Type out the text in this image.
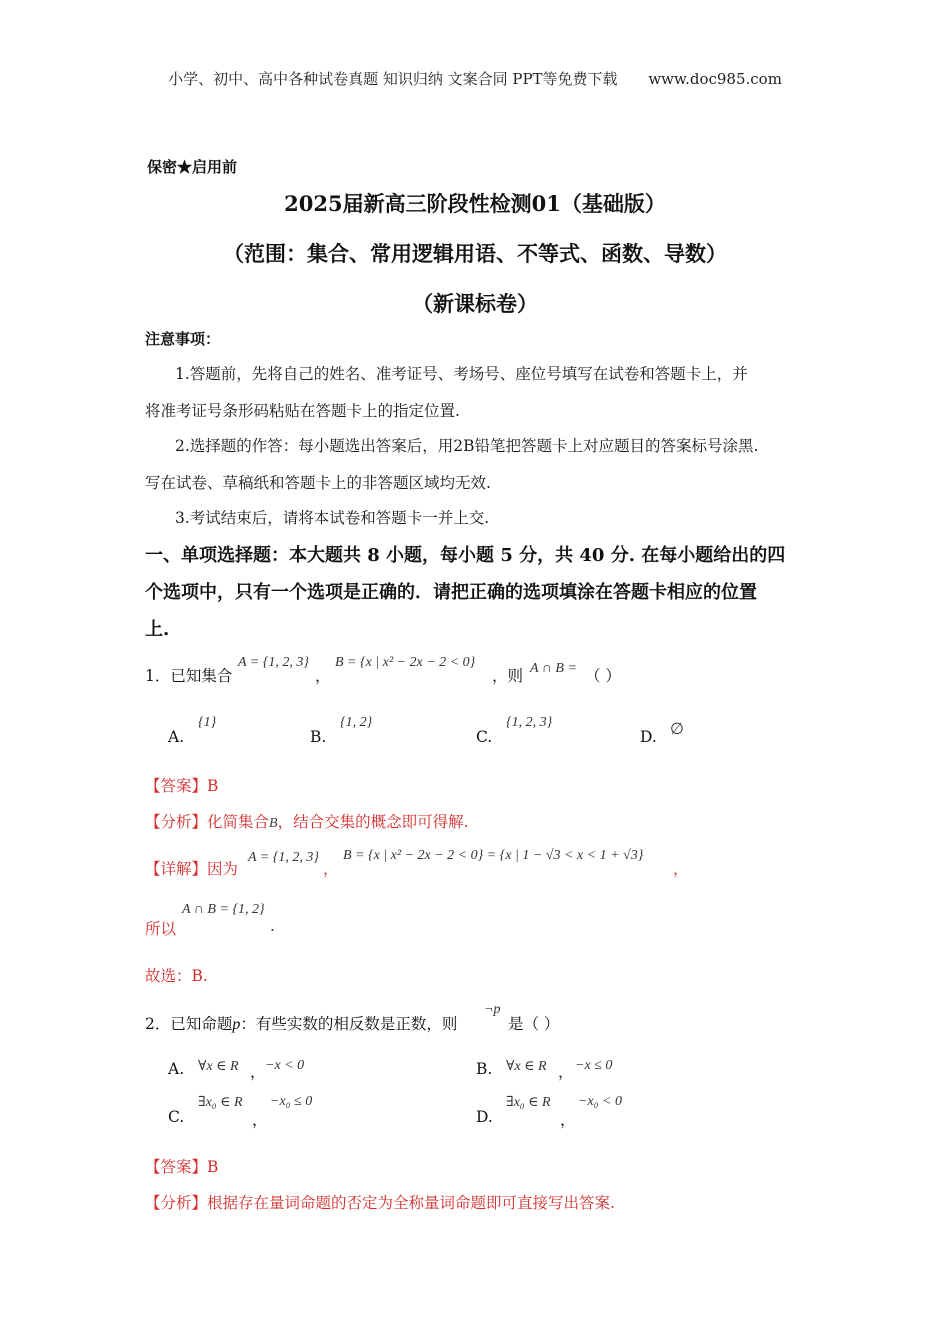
小学、初中、高中各种试卷真题 知识归纳 文案合同 PPT等免费下载 www.doc985.com
保密★启用前
2025届新高三阶段性检测01（基础版）
（范围：集合、常用逻辑用语、不等式、函数、导数）
（新课标卷）
注意事项：
1.答题前，先将自己的姓名、准考证号、考场号、座位号填写在试卷和答题卡上，并
将准考证号条形码粘贴在答题卡上的指定位置.
2.选择题的作答：每小题选出答案后，用2B铅笔把答题卡上对应题目的答案标号涂黑.
写在试卷、草稿纸和答题卡上的非答题区域均无效.
3.考试结束后，请将本试卷和答题卡一并上交.
一、单项选择题：本大题共 8 小题，每小题 5 分，共 40 分. 在每小题给出的四
个选项中，只有一个选项是正确的．请把正确的选项填涂在答题卡相应的位置
上.
1．已知集合
A = {1, 2, 3}
，
B = {x | x² − 2x − 2 < 0}
，则 A ∩ B = （ ）
A.
{1}
B.
{1, 2}
C.
{1, 2, 3}
D. ∅
【答案】B
【分析】化简集合B，结合交集的概念即可得解.
【详解】因为
A = {1, 2, 3}
，
B = {x | x² − 2x − 2 < 0} = {x | 1 − √3 < x < 1 + √3}
，
A ∩ B = {1, 2}
所以	.
故选：B.
2．已知命题p：有些实数的相反数是正数，则
¬p
是（ ）
A. ∀x ∈ R ， −x < 0	B. ∀x ∈ R ， −x ≤ 0
C.
∃x₀ ∈ R
，
−x₀ ≤ 0
D.
∃x₀ ∈ R
，
−x₀ < 0
【答案】B
【分析】根据存在量词命题的否定为全称量词命题即可直接写出答案.
